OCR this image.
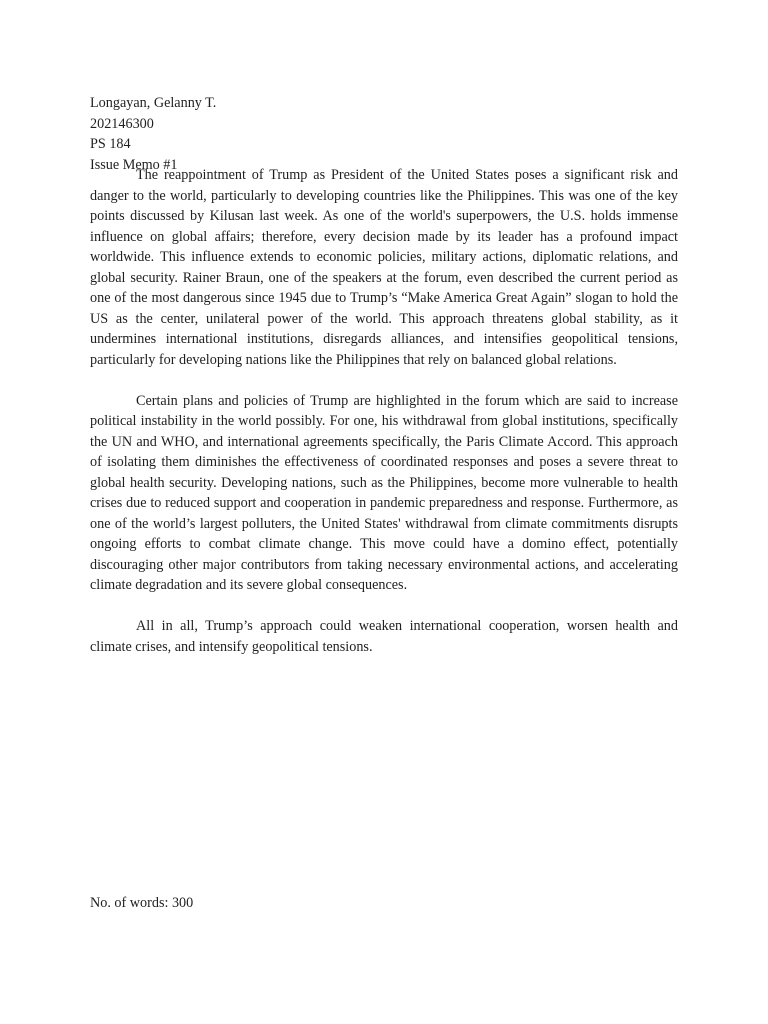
Longayan, Gelanny T.
202146300
PS 184
Issue Memo #1

The reappointment of Trump as President of the United States poses a significant risk and danger to the world, particularly to developing countries like the Philippines. This was one of the key points discussed by Kilusan last week. As one of the world's superpowers, the U.S. holds immense influence on global affairs; therefore, every decision made by its leader has a profound impact worldwide. This influence extends to economic policies, military actions, diplomatic relations, and global security. Rainer Braun, one of the speakers at the forum, even described the current period as one of the most dangerous since 1945 due to Trump’s “Make America Great Again” slogan to hold the US as the center, unilateral power of the world. This approach threatens global stability, as it undermines international institutions, disregards alliances, and intensifies geopolitical tensions, particularly for developing nations like the Philippines that rely on balanced global relations.

Certain plans and policies of Trump are highlighted in the forum which are said to increase political instability in the world possibly. For one, his withdrawal from global institutions, specifically the UN and WHO, and international agreements specifically, the Paris Climate Accord. This approach of isolating them diminishes the effectiveness of coordinated responses and poses a severe threat to global health security. Developing nations, such as the Philippines, become more vulnerable to health crises due to reduced support and cooperation in pandemic preparedness and response. Furthermore, as one of the world’s largest polluters, the United States' withdrawal from climate commitments disrupts ongoing efforts to combat climate change. This move could have a domino effect, potentially discouraging other major contributors from taking necessary environmental actions, and accelerating climate degradation and its severe global consequences.

All in all, Trump’s approach could weaken international cooperation, worsen health and climate crises, and intensify geopolitical tensions.

No. of words: 300
